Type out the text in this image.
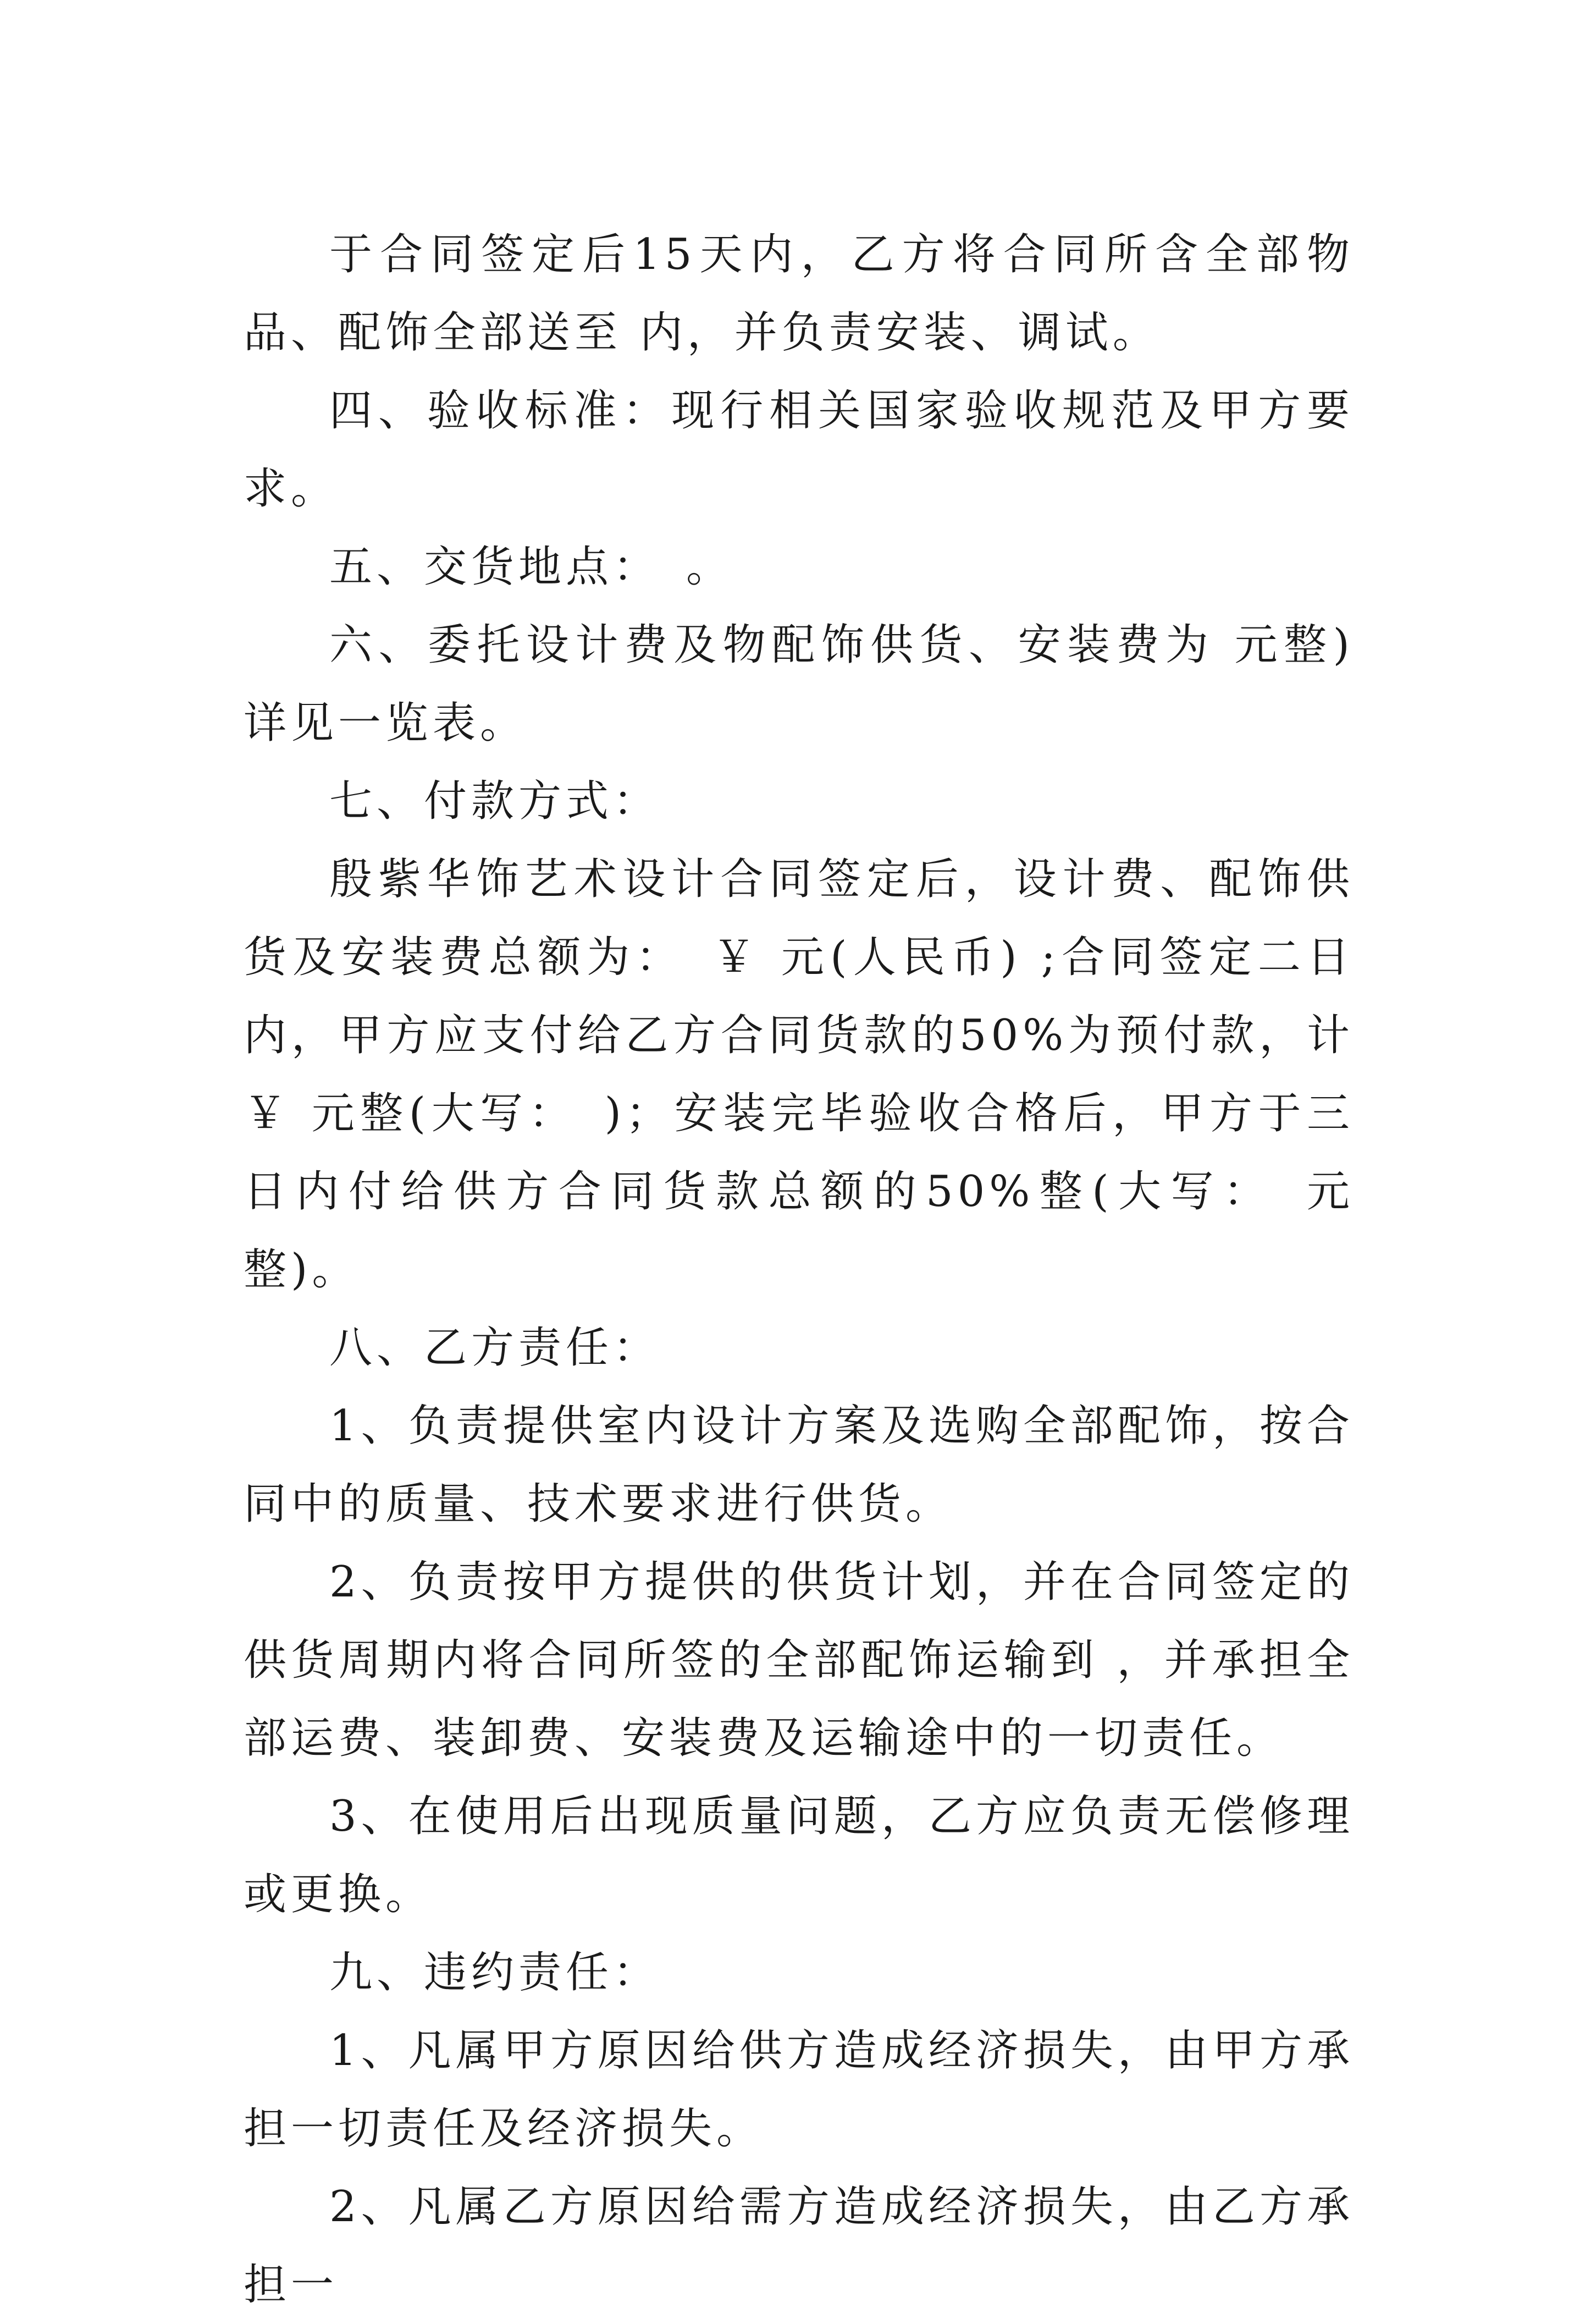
于合同签定后15天内，乙方将合同所含全部物品、配饰全部送至 内，并负责安装、调试。

四、验收标准：现行相关国家验收规范及甲方要求。

五、交货地点：　。

六、委托设计费及物配饰供货、安装费为 元整)详见一览表。

七、付款方式：

殷紫华饰艺术设计合同签定后，设计费、配饰供货及安装费总额为：　￥ 元(人民币) ;合同签定二日内，甲方应支付给乙方合同货款的50%为预付款，计 ￥ 元整(大写：　)；安装完毕验收合格后，甲方于三日内付给供方合同货款总额的50%整(大写：　元整)。

八、乙方责任：

1、负责提供室内设计方案及选购全部配饰，按合同中的质量、技术要求进行供货。

2、负责按甲方提供的供货计划，并在合同签定的供货周期内将合同所签的全部配饰运输到 ，并承担全部运费、装卸费、安装费及运输途中的一切责任。

3、在使用后出现质量问题，乙方应负责无偿修理或更换。

九、违约责任：

1、凡属甲方原因给供方造成经济损失，由甲方承担一切责任及经济损失。

2、凡属乙方原因给需方造成经济损失，由乙方承担一
